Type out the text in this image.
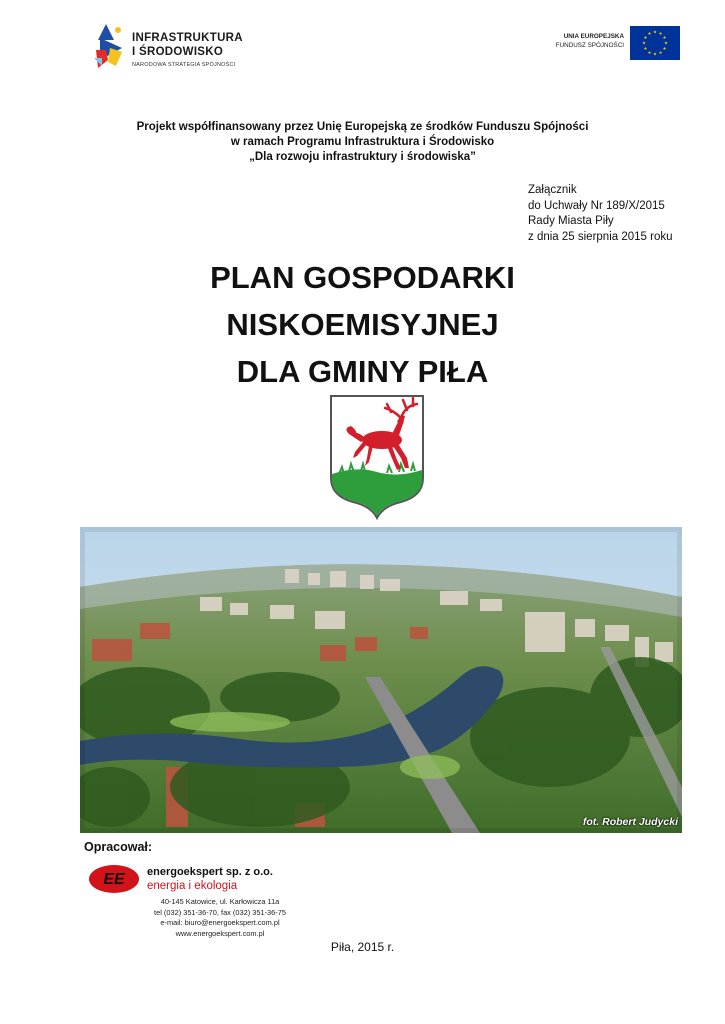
INFRASTRUKTURA
I ŚRODOWISKO
NARODOWA STRATEGIA SPÓJNOŚCI
UNIA EUROPEJSKA
FUNDUSZ SPÓJNOŚCI
Projekt współfinansowany przez Unię Europejską ze środków Funduszu Spójności
w ramach Programu Infrastruktura i Środowisko
„Dla rozwoju infrastruktury i środowiska”
Załącznik
do Uchwały Nr 189/X/2015
Rady Miasta Piły
z dnia 25 sierpnia 2015 roku
PLAN GOSPODARKI
NISKOEMISYJNEJ
DLA GMINY PIŁA
fot. Robert Judycki
Opracował:
EE energoekspert sp. z o.o.
energia i ekologia
40-145 Katowice, ul. Karłowicza 11a
tel (032) 351-36-70, fax (032) 351-36-75
e-mail: biuro@energoekspert.com.pl
www.energoekspert.com.pl
Piła, 2015 r.
